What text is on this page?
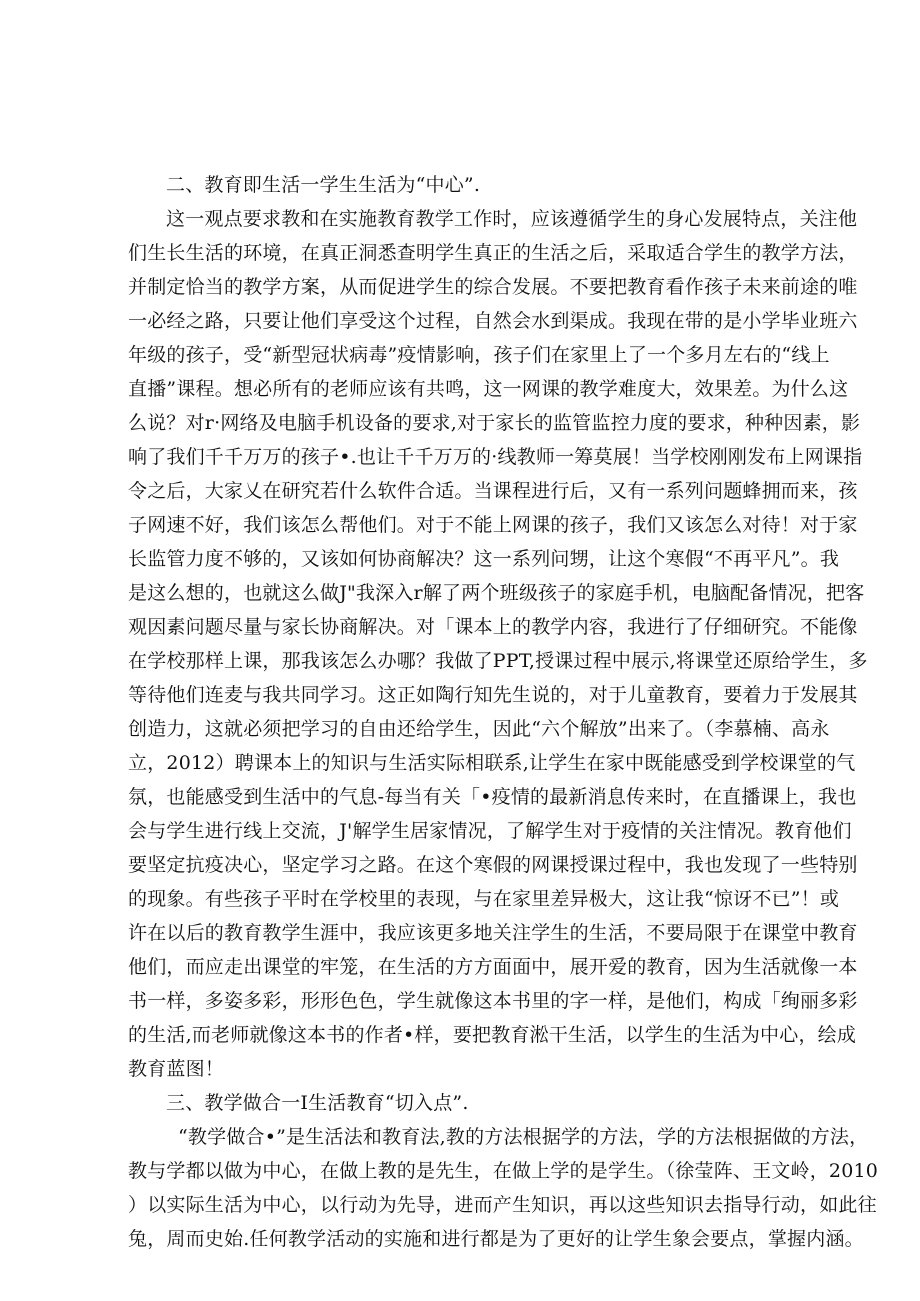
二、教育即生活一学生生活为“中心”.
这一观点要求教和在实施教育教学工作时，应该遵循学生的身心发展特点，关注他
们生长生活的环境，在真正洞悉查明学生真正的生活之后，采取适合学生的教学方法，
并制定恰当的教学方案，从而促进学生的综合发展。不要把教育看作孩子未来前途的唯
一必经之路，只要让他们享受这个过程，自然会水到渠成。我现在带的是小学毕业班六
年级的孩子，受“新型冠状病毒”疫情影响，孩子们在家里上了一个多月左右的“线上
直播”课程。想必所有的老师应该有共鸣，这一网课的教学难度大，效果差。为什么这
么说？对r·网络及电脑手机设备的要求,对于家长的监管监控力度的要求，种种因素，影
响了我们千千万万的孩子•.也让千千万万的·线教师一筹莫展！当学校刚刚发布上网课指
令之后，大家乂在研究若什么软件合适。当课程进行后，又有一系列问题蜂拥而来，孩
子网速不好，我们该怎么帮他们。对于不能上网课的孩子，我们又该怎么对待！对于家
长监管力度不够的，又该如何协商解决？这一系列问甥，让这个寒假“不再平凡”。我
是这么想的，也就这么做J"我深入r解了两个班级孩子的家庭手机，电脑配备情况，把客
观因素问题尽量与家长协商解决。对「课本上的教学内容，我进行了仔细研究。不能像
在学校那样上课，那我该怎么办哪？我做了PPT,授课过程中展示,将课堂还原给学生，多
等待他们连麦与我共同学习。这正如陶行知先生说的，对于儿童教育，要着力于发展其
创造力，这就必须把学习的自由还给学生，因此“六个解放”出来了。（李慕楠、高永
立，2012）聘课本上的知识与生活实际相联系,让学生在家中既能感受到学校课堂的气
氛，也能感受到生活中的气息-每当有关「•疫情的最新消息传来时，在直播课上，我也
会与学生进行线上交流，J'解学生居家情况，了解学生对于疫情的关注情况。教育他们
要坚定抗疫决心，坚定学习之路。在这个寒假的网课授课过程中，我也发现了一些特别
的现象。有些孩子平时在学校里的表现，与在家里差异极大，这让我“惊讶不已”！或
许在以后的教育教学生涯中，我应该更多地关注学生的生活，不要局限于在课堂中教育
他们，而应走出课堂的牢笼，在生活的方方面面中，展开爱的教育，因为生活就像一本
书一样，多姿多彩，形形色色，学生就像这本书里的字一样，是他们，构成「绚丽多彩
的生活,而老师就像这本书的作者•样，要把教育淞干生活，以学生的生活为中心，绘成
教育蓝图！
三、教学做合一I生活教育“切入点”.
“教学做合•”是生活法和教育法,教的方法根据学的方法，学的方法根据做的方法，
教与学都以做为中心，在做上教的是先生，在做上学的是学生。（徐莹阵、王文岭，2010
）以实际生活为中心，以行动为先导，进而产生知识，再以这些知识去指导行动，如此往
兔，周而史始.任何教学活动的实施和进行都是为了更好的让学生象会要点，掌握内涵。
